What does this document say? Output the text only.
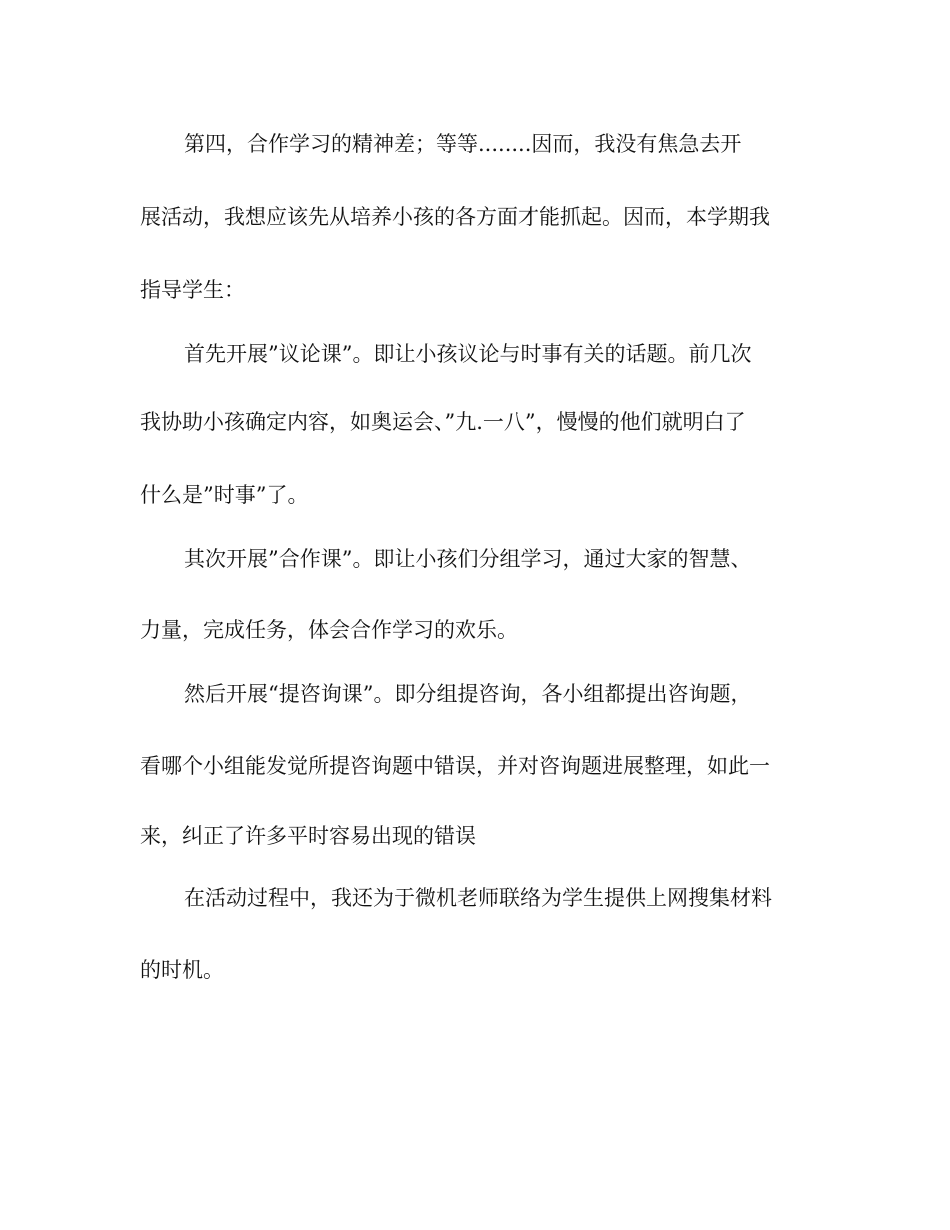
第四，合作学习的精神差；等等........因而，我没有焦急去开

展活动，我想应该先从培养小孩的各方面才能抓起。因而，本学期我

指导学生：

首先开展”议论课”。即让小孩议论与时事有关的话题。前几次

我协助小孩确定内容，如奥运会、”九.一八”，慢慢的他们就明白了

什么是”时事”了。

其次开展”合作课”。即让小孩们分组学习，通过大家的智慧、

力量，完成任务，体会合作学习的欢乐。

然后开展“提咨询课”。即分组提咨询，各小组都提出咨询题，

看哪个小组能发觉所提咨询题中错误，并对咨询题进展整理，如此一

来，纠正了许多平时容易出现的错误

在活动过程中，我还为于微机老师联络为学生提供上网搜集材料

的时机。
